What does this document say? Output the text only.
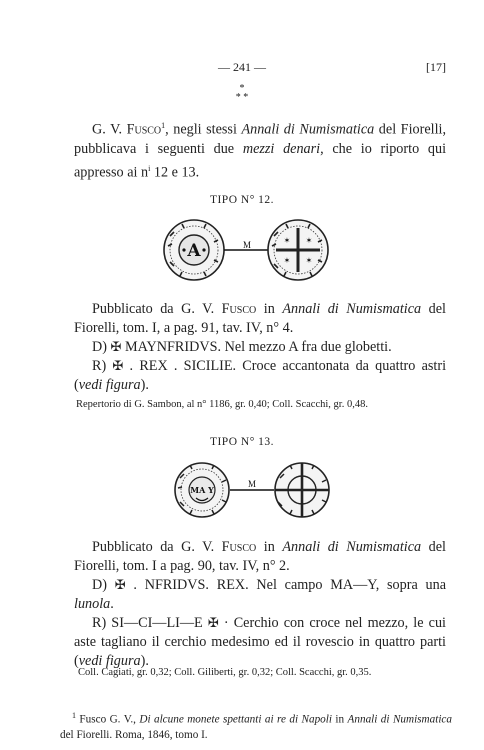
— 241 —	[17]
*
* *

G. V. Fusco$^1$, negli stessi Annali di Numismatica del Fiorelli, pubblicava i seguenti due mezzi denari, che io riporto qui appresso ai $n^i$ 12 e 13.

TIPO N° 12.
A	M	✶ ✶
✶ ✶

Pubblicato da G. V. Fusco in Annali di Numismatica del Fiorelli, tom. I, a pag. 91, tav. IV, n° 4.

D) ✠ MAYNFRIDVS. Nel mezzo A fra due globetti.

R) ✠ . REX . SICILIE. Croce accantonata da quattro astri (vedi figura).

Repertorio di G. Sambon, al n° 1186, gr. 0,40; Coll. Scacchi, gr. 0,48.
TIPO N° 13.
MA Y
M

Pubblicato da G. V. Fusco in Annali di Numismatica del Fiorelli, tom. I a pag. 90, tav. IV, n° 2.

D) ✠ . NFRIDVS. REX. Nel campo MA—Y, sopra una lunola.

R) SI—CI—LI—E ✠ · Cerchio con croce nel mezzo, le cui aste tagliano il cerchio medesimo ed il rovescio in quattro parti (vedi figura).

Coll. Cagiati, gr. 0,32; Coll. Giliberti, gr. 0,32; Coll. Scacchi, gr. 0,35.
$^1$ Fusco G. V., Di alcune monete spettanti ai re di Napoli in Annali di Numismatica del Fiorelli. Roma, 1846, tomo I.
